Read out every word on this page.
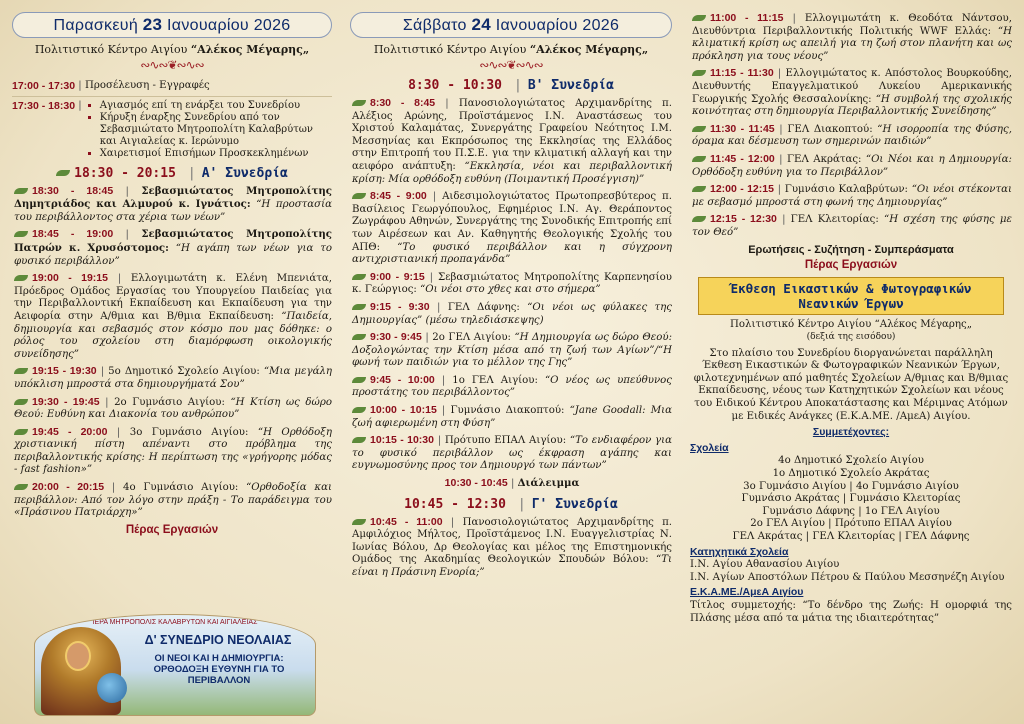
Παρασκευή 23 Ιανουαρίου 2026
Πολιτιστικό Κέντρο Αιγίου “Αλέκος Μέγαρης„
∾∿∾❦∾∿∾
17:00 - 17:30
|
Προσέλευση - Εγγραφές
17:30 - 18:30
|
▪ Αγιασμός επί τη ενάρξει του Συνεδρίου
▪ Κήρυξη έναρξης Συνεδρίου από τον Σεβασμιώτατο Μητροπολίτη Καλαβρύτων και Αιγιαλείας κ. Ιερώνυμο
▪ Χαιρετισμοί Επισήμων Προσκεκλημένων
18:30 - 20:15 | Α' Συνεδρία
18:30 - 18:45 | Σεβασμιώτατος Μητροπολίτης Δημητριάδος και Αλμυρού κ. Ιγνάτιος: “Η προστασία του περιβάλλοντος στα χέρια των νέων”
18:45 - 19:00 | Σεβασμιώτατος Μητροπολίτης Πατρών κ. Χρυσόστομος: “Η αγάπη των νέων για το φυσικό περιβάλλον”
19:00 - 19:15 | Ελλογιμωτάτη κ. Ελένη Μπενιάτα, Πρόεδρος Ομάδος Εργασίας του Υπουργείου Παιδείας για την Περιβαλλοντική Εκπαίδευση και Εκπαίδευση για την Αειφορία στην Α/θμια και Β/θμια Εκπαίδευση: “Παιδεία, δημιουργία και σεβασμός στον κόσμο που μας δόθηκε: ο ρόλος του σχολείου στη διαμόρφωση οικολογικής συνείδησης”
19:15 - 19:30 | 5ο Δημοτικό Σχολείο Αιγίου: “Μια μεγάλη υπόκλιση μπροστά στα δημιουργήματά Σου”
19:30 - 19:45 | 2ο Γυμνάσιο Αιγίου: “Η Κτίση ως δώρο Θεού: Ευθύνη και Διακονία του ανθρώπου”
19:45 - 20:00 | 3ο Γυμνάσιο Αιγίου: “Η Ορθόδοξη χριστιανική πίστη απέναντι στο πρόβλημα της περιβαλλοντικής κρίσης: Η περίπτωση της «γρήγορης μόδας - fast fashion»”
20:00 - 20:15 | 4ο Γυμνάσιο Αιγίου: “Ορθοδοξία και περιβάλλον: Από τον λόγο στην πράξη - Το παράδειγμα του «Πράσινου Πατριάρχη»”
Πέρας Εργασιών
ΙΕΡΑ ΜΗΤΡΟΠΟΛΙΣ ΚΑΛΑΒΡΥΤΩΝ ΚΑΙ ΑΙΓΙΑΛΕΙΑΣ
Δ' ΣΥΝΕΔΡΙΟ ΝΕΟΛΑΙΑΣ
ΟΙ ΝΕΟΙ ΚΑΙ Η ΔΗΜΙΟΥΡΓΙΑ: ΟΡΘΟΔΟΞΗ ΕΥΘΥΝΗ ΓΙΑ ΤΟ ΠΕΡΙΒΑΛΛΟΝ
Σάββατο 24 Ιανουαρίου 2026
Πολιτιστικό Κέντρο Αιγίου “Αλέκος Μέγαρης„
∾∿∾❦∾∿∾
8:30 - 10:30 | Β' Συνεδρία
8:30 - 8:45 | Πανοσιολογιώτατος Αρχιμανδρίτης π. Αλέξιος Αρώνης, Προϊστάμενος Ι.Ν. Αναστάσεως του Χριστού Καλαμάτας, Συνεργάτης Γραφείου Νεότητος Ι.Μ. Μεσσηνίας και Εκπρόσωπος της Εκκλησίας της Ελλάδος στην Επιτροπή του Π.Σ.Ε. για την κλιματική αλλαγή και την αειφόρο ανάπτυξη: “Εκκλησία, νέοι και περιβαλλοντική κρίση: Μία ορθόδοξη ευθύνη (Ποιμαντική Προσέγγιση)”
8:45 - 9:00 | Αιδεσιμολογιώτατος Πρωτοπρεσβύτερος π. Βασίλειος Γεωργόπουλος, Εφημέριος Ι.Ν. Αγ. Θεράποντος Ζωγράφου Αθηνών, Συνεργάτης της Συνοδικής Επιτροπής επί των Αιρέσεων και Αν. Καθηγητής Θεολογικής Σχολής του ΑΠΘ: “Το φυσικό περιβάλλον και η σύγχρονη αντιχριστιανική προπαγάνδα”
9:00 - 9:15 | Σεβασμιώτατος Μητροπολίτης Καρπενησίου κ. Γεώργιος: “Οι νέοι στο χθες και στο σήμερα”
9:15 - 9:30 | ΓΕΛ Δάφνης: “Οι νέοι ως φύλακες της Δημιουργίας” (μέσω τηλεδιάσκεψης)
9:30 - 9:45 | 2ο ΓΕΛ Αιγίου: “Η Δημιουργία ως δώρο Θεού: Δοξολογώντας την Κτίση μέσα από τη ζωή των Αγίων”/“Η φωνή των παιδιών για το μέλλον της Γης”
9:45 - 10:00 | 1ο ΓΕΛ Αιγίου: “Ο νέος ως υπεύθυνος προστάτης του περιβάλλοντος”
10:00 - 10:15 | Γυμνάσιο Διακοπτού: “Jane Goodall: Μια ζωή αφιερωμένη στη Φύση”
10:15 - 10:30 | Πρότυπο ΕΠΑΛ Αιγίου: “Το ενδιαφέρον για το φυσικό περιβάλλον ως έκφραση αγάπης και ευγνωμοσύνης προς τον Δημιουργό των πάντων”
10:30 - 10:45 | Διάλειμμα
10:45 - 12:30 | Γ' Συνεδρία
10:45 - 11:00 | Πανοσιολογιώτατος Αρχιμανδρίτης π. Αμφιλόχιος Μήλτος, Προϊστάμενος Ι.Ν. Ευαγγελιστρίας Ν. Ιωνίας Βόλου, Δρ Θεολογίας και μέλος της Επιστημονικής Ομάδος της Ακαδημίας Θεολογικών Σπουδών Βόλου: “Τι είναι η Πράσινη Ενορία;”
11:00 - 11:15 | Ελλογιμωτάτη κ. Θεοδότα Νάντσου, Διευθύντρια Περιβαλλοντικής Πολιτικής WWF Ελλάς: “Η κλιματική κρίση ως απειλή για τη ζωή στον πλανήτη και ως πρόκληση για τους νέους”
11:15 - 11:30 | Ελλογιμώτατος κ. Απόστολος Βουρκούδης, Διευθυντής Επαγγελματικού Λυκείου Αμερικανικής Γεωργικής Σχολής Θεσσαλονίκης: “Η συμβολή της σχολικής κοινότητας στη δημιουργία Περιβαλλοντικής Συνείδησης”
11:30 - 11:45 | ΓΕΛ Διακοπτού: “Η ισορροπία της Φύσης, όραμα και δέσμευση των σημερινών παιδιών”
11:45 - 12:00 | ΓΕΛ Ακράτας: “Οι Νέοι και η Δημιουργία: Ορθόδοξη ευθύνη για το Περιβάλλον”
12:00 - 12:15 | Γυμνάσιο Καλαβρύτων: “Οι νέοι στέκονται με σεβασμό μπροστά στη φωνή της Δημιουργίας”
12:15 - 12:30 | ΓΕΛ Κλειτορίας: “Η σχέση της φύσης με τον Θεό”
Ερωτήσεις - Συζήτηση - Συμπεράσματα
Πέρας Εργασιών
Έκθεση Εικαστικών & Φωτογραφικών Νεανικών Έργων
Πολιτιστικό Κέντρο Αιγίου “Αλέκος Μέγαρης„
(δεξιά της εισόδου)
Στο πλαίσιο του Συνεδρίου διοργανώνεται παράλληλη Έκθεση Εικαστικών & Φωτογραφικών Νεανικών Έργων, φιλοτεχνημένων από μαθητές Σχολείων Α/θμιας και Β/θμιας Εκπαίδευσης, νέους των Κατηχητικών Σχολείων και νέους του Ειδικού Κέντρου Αποκατάστασης και Μέριμνας Ατόμων με Ειδικές Ανάγκες (Ε.Κ.Α.ΜΕ. /ΑμεΑ) Αιγίου.
Συμμετέχοντες:
Σχολεία
4ο Δημοτικό Σχολείο Αιγίου
1ο Δημοτικό Σχολείο Ακράτας
3ο Γυμνάσιο Αιγίου | 4ο Γυμνάσιο Αιγίου
Γυμνάσιο Ακράτας | Γυμνάσιο Κλειτορίας
Γυμνάσιο Δάφνης | 1ο ΓΕΛ Αιγίου
2ο ΓΕΛ Αιγίου | Πρότυπο ΕΠΑΛ Αιγίου
ΓΕΛ Ακράτας | ΓΕΛ Κλειτορίας | ΓΕΛ Δάφνης
Κατηχητικά Σχολεία
Ι.Ν. Αγίου Αθανασίου Αιγίου
Ι.Ν. Αγίων Αποστόλων Πέτρου & Παύλου Μεσσηνέζη Αιγίου
Ε.Κ.Α.ΜΕ./ΑμεΑ Αιγίου
Τίτλος συμμετοχής: “Το δένδρο της Ζωής: Η ομορφιά της Πλάσης μέσα από τα μάτια της ιδιαιτερότητας”
